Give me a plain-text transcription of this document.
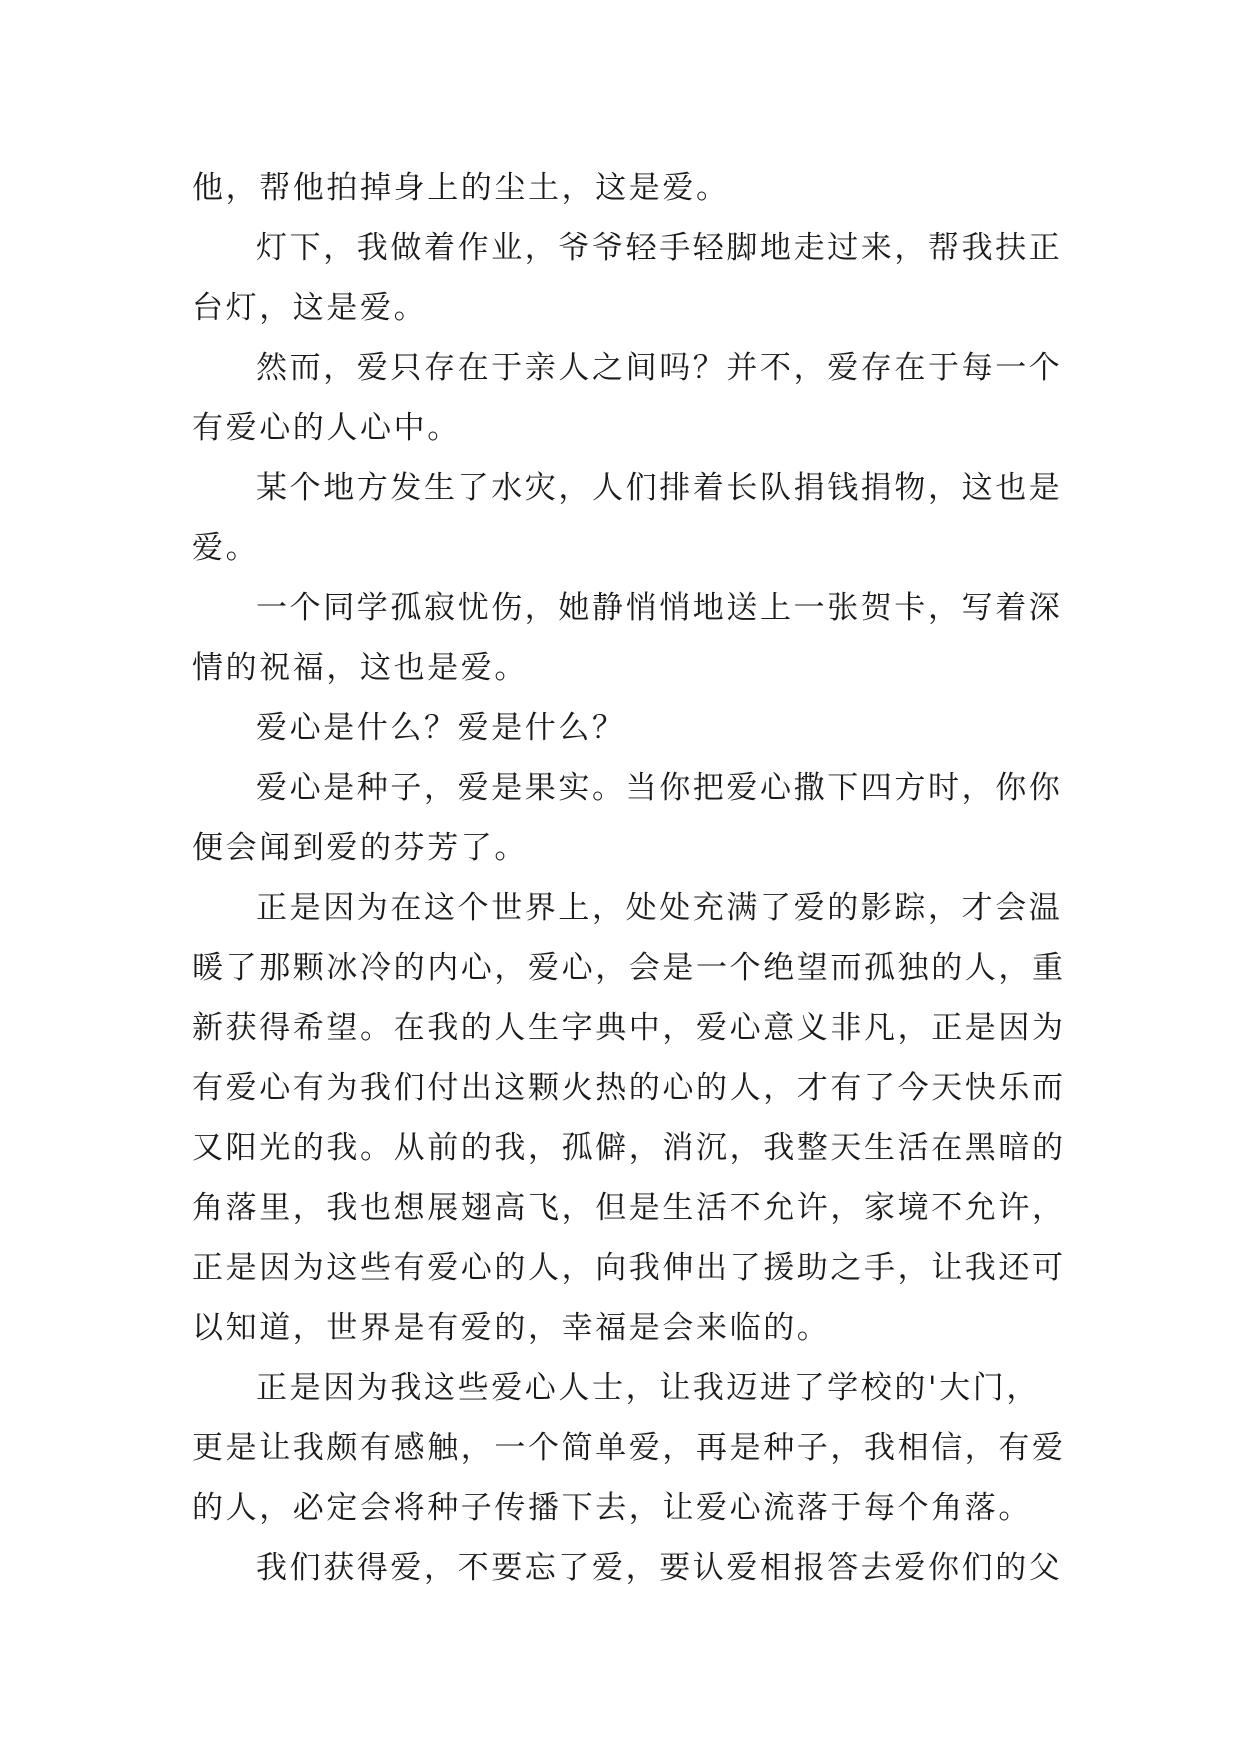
他，帮他拍掉身上的尘土，这是爱。
灯下，我做着作业，爷爷轻手轻脚地走过来，帮我扶正
台灯，这是爱。
然而，爱只存在于亲人之间吗？并不，爱存在于每一个
有爱心的人心中。
某个地方发生了水灾，人们排着长队捐钱捐物，这也是
爱。
一个同学孤寂忧伤，她静悄悄地送上一张贺卡，写着深
情的祝福，这也是爱。
爱心是什么？爱是什么？
爱心是种子，爱是果实。当你把爱心撒下四方时，你你
便会闻到爱的芬芳了。
正是因为在这个世界上，处处充满了爱的影踪，才会温
暖了那颗冰冷的内心，爱心，会是一个绝望而孤独的人，重
新获得希望。在我的人生字典中，爱心意义非凡，正是因为
有爱心有为我们付出这颗火热的心的人，才有了今天快乐而
又阳光的我。从前的我，孤僻，消沉，我整天生活在黑暗的
角落里，我也想展翅高飞，但是生活不允许，家境不允许，
正是因为这些有爱心的人，向我伸出了援助之手，让我还可
以知道，世界是有爱的，幸福是会来临的。
正是因为我这些爱心人士，让我迈进了学校的'大门，
更是让我颇有感触，一个简单爱，再是种子，我相信，有爱
的人，必定会将种子传播下去，让爱心流落于每个角落。
我们获得爱，不要忘了爱，要认爱相报答去爱你们的父
